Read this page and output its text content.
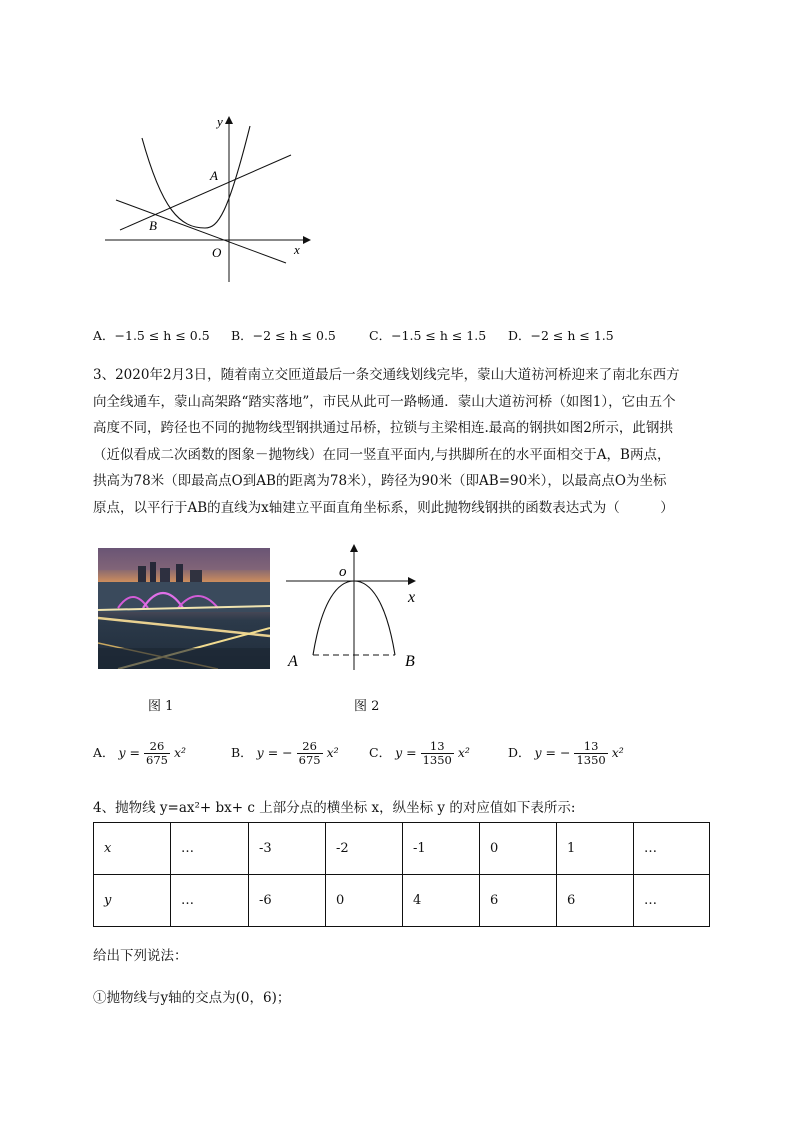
y
x
A
B
O
A．−1.5 ≤ h ≤ 0.5 B．−2 ≤ h ≤ 0.5	C．−1.5 ≤ h ≤ 1.5 D．−2 ≤ h ≤ 1.5
3、2020年2月3日，随着南立交匝道最后一条交通线划线完毕，蒙山大道祊河桥迎来了南北东西方
向全线通车，蒙山高架路“踏实落地”，市民从此可一路畅通．蒙山大道祊河桥（如图1），它由五个
高度不同，跨径也不同的抛物线型钢拱通过吊桥，拉锁与主梁相连.最高的钢拱如图2所示，此钢拱
（近似看成二次函数的图象－抛物线）在同一竖直平面内,与拱脚所在的水平面相交于A，B两点，
拱高为78米（即最高点O到AB的距离为78米），跨径为90米（即AB=90米），以最高点O为坐标
原点，以平行于AB的直线为x轴建立平面直角坐标系，则此抛物线钢拱的函数表达式为（　　　）
o
x
A	B
图 1	图 2
A． $y = \frac{26}{675} x^2$	B． y = − $\frac{26}{675} x^2$ C． $y = \frac{13}{1350} x^2$	D． y = − $\frac{13}{1350} x^2$
4、抛物线 y=ax²+ bx+ c 上部分点的横坐标 x，纵坐标 y 的对应值如下表所示:
x	…	-3	-2	-1	0	1	…
y	…	-6	0	4	6	6	…
给出下列说法：
①抛物线与y轴的交点为(0，6)；
